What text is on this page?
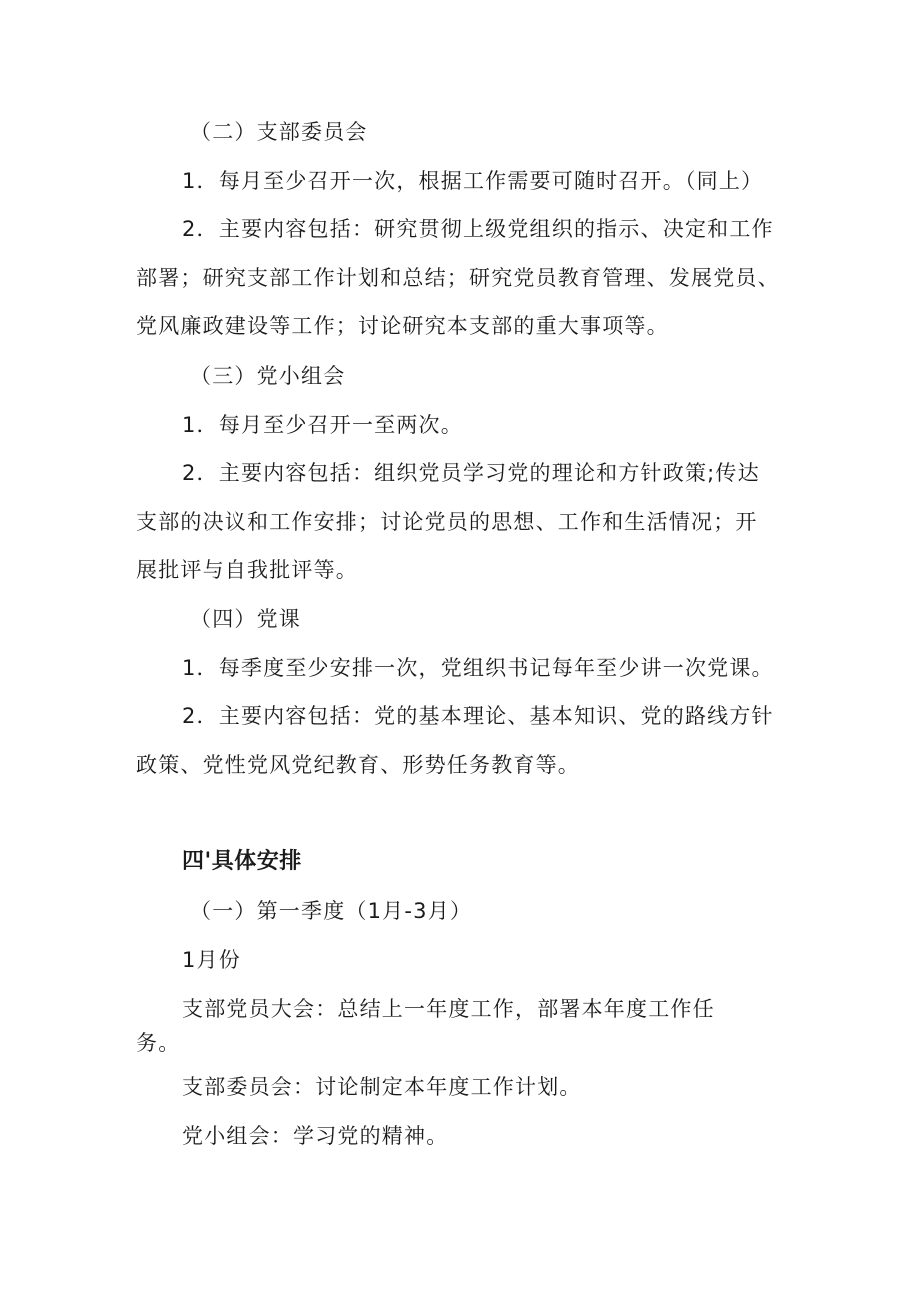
（二）支部委员会
1．每月至少召开一次，根据工作需要可随时召开。（同上）
2．主要内容包括：研究贯彻上级党组织的指示、决定和工作
部署；研究支部工作计划和总结；研究党员教育管理、发展党员、
党风廉政建设等工作；讨论研究本支部的重大事项等。
（三）党小组会
1．每月至少召开一至两次。
2．主要内容包括：组织党员学习党的理论和方针政策;传达
支部的决议和工作安排；讨论党员的思想、工作和生活情况；开
展批评与自我批评等。
（四）党课
1．每季度至少安排一次，党组织书记每年至少讲一次党课。
2．主要内容包括：党的基本理论、基本知识、党的路线方针
政策、党性党风党纪教育、形势任务教育等。
四'具体安排
（一）第一季度（1月-3月）
1月份
支部党员大会：总结上一年度工作，部署本年度工作任
务。
支部委员会：讨论制定本年度工作计划。
党小组会：学习党的精神。
